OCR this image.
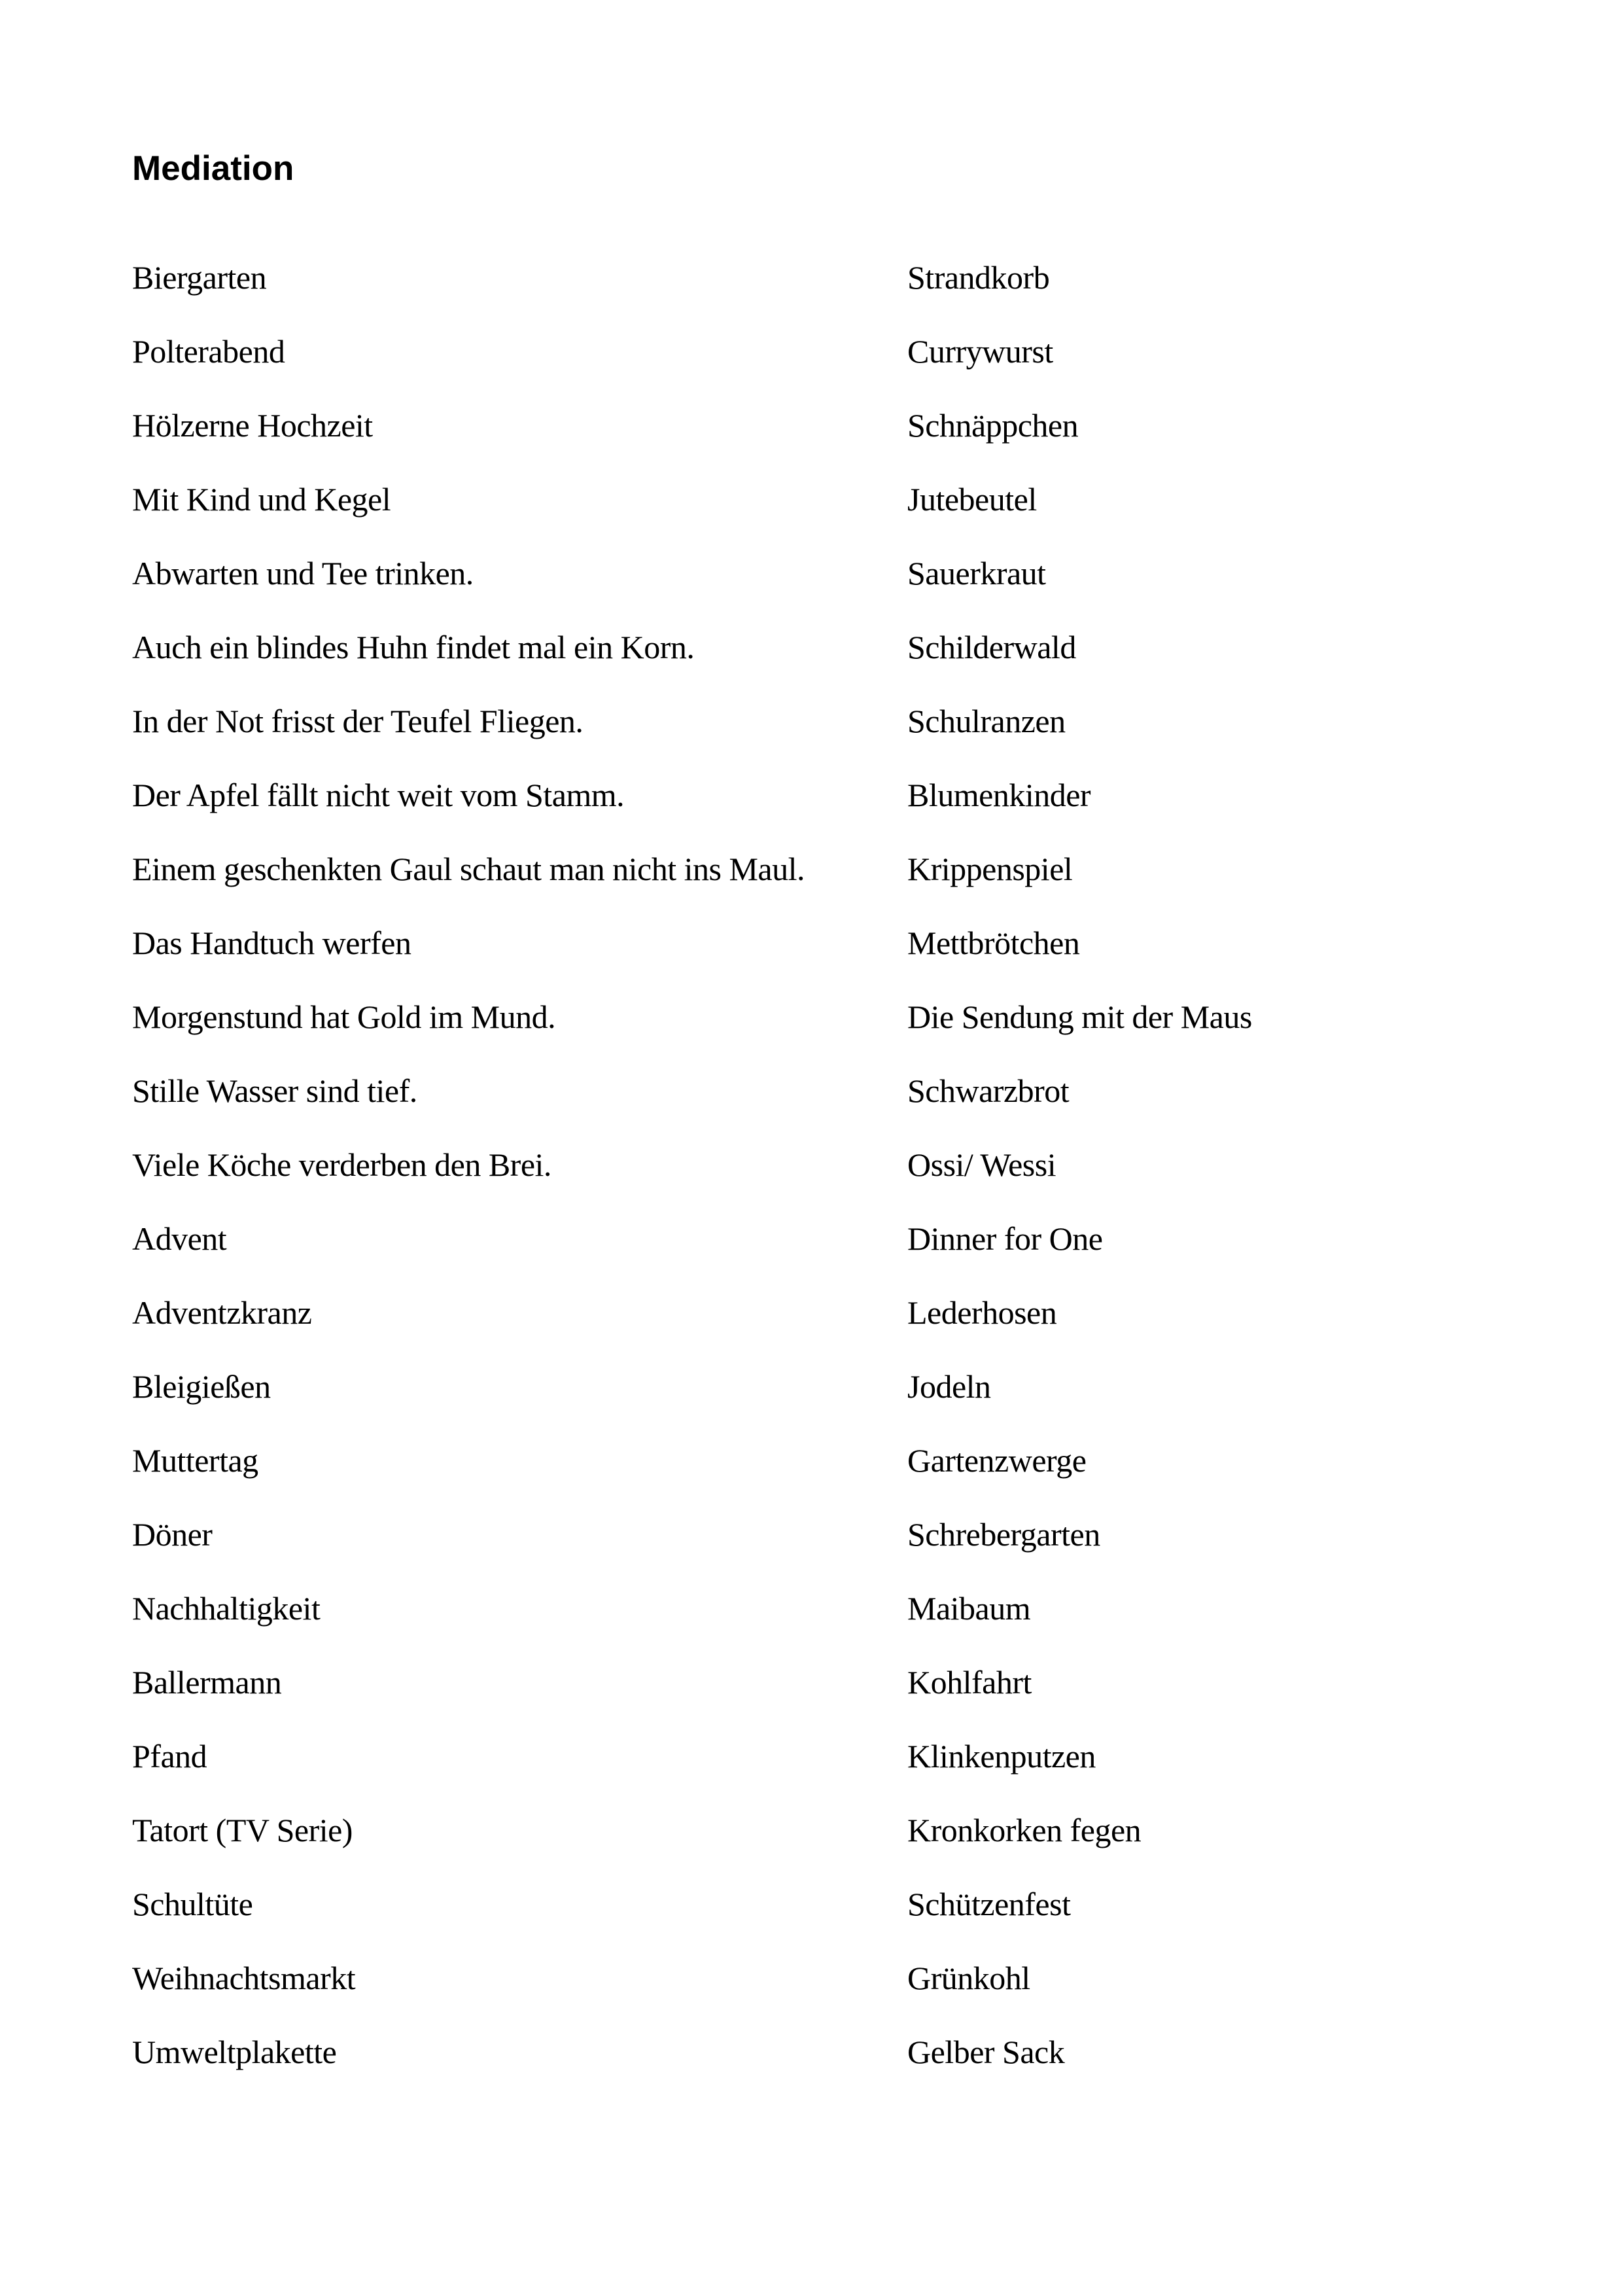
Mediation
Biergarten	Strandkorb
Polterabend	Currywurst
Hölzerne Hochzeit	Schnäppchen
Mit Kind und Kegel	Jutebeutel
Abwarten und Tee trinken.	Sauerkraut
Auch ein blindes Huhn findet mal ein Korn.	Schilderwald
In der Not frisst der Teufel Fliegen.	Schulranzen
Der Apfel fällt nicht weit vom Stamm.	Blumenkinder
Einem geschenkten Gaul schaut man nicht ins Maul.	Krippenspiel
Das Handtuch werfen	Mettbrötchen
Morgenstund hat Gold im Mund.	Die Sendung mit der Maus
Stille Wasser sind tief.	Schwarzbrot
Viele Köche verderben den Brei.	Ossi/ Wessi
Advent	Dinner for One
Adventzkranz	Lederhosen
Bleigießen	Jodeln
Muttertag	Gartenzwerge
Döner	Schrebergarten
Nachhaltigkeit	Maibaum
Ballermann	Kohlfahrt
Pfand	Klinkenputzen
Tatort (TV Serie)	Kronkorken fegen
Schultüte	Schützenfest
Weihnachtsmarkt	Grünkohl
Umweltplakette	Gelber Sack
